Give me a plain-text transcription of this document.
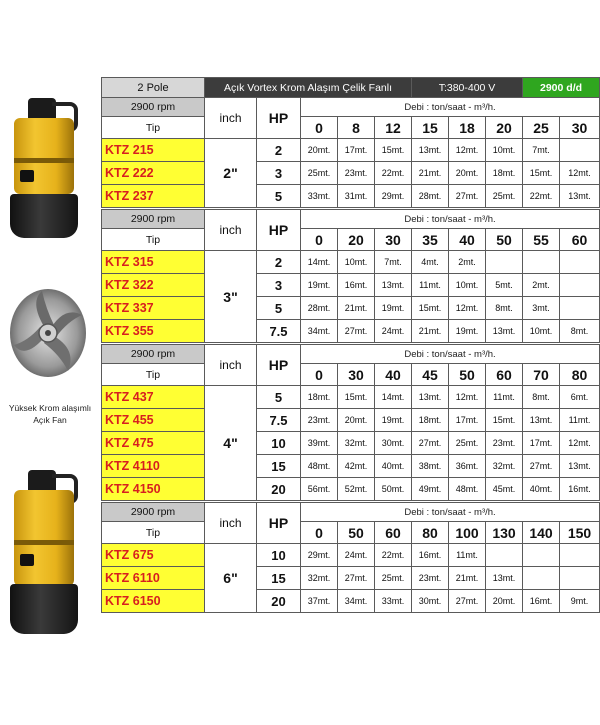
Yüksek Krom alaşımlı Açık Fan
2 Pole	Açık Vortex Krom Alaşım Çelik Fanlı					T:380-400 V			2900 d/d	
2900 rpm	inch	HP	Debi : ton/saat - m³/h.							
Tip			0	8	12	15	18	20	25	30
KTZ 215	2"	2	20mt.	17mt.	15mt.	13mt.	12mt.	10mt.	7mt.	
KTZ 222		3	25mt.	23mt.	22mt.	21mt.	20mt.	18mt.	15mt.	12mt.
KTZ 237		5	33mt.	31mt.	29mt.	28mt.	27mt.	25mt.	22mt.	13mt.

2900 rpm	inch	HP	Debi : ton/saat - m³/h.							
Tip			0	20	30	35	40	50	55	60
KTZ 315	3"	2	14mt.	10mt.	7mt.	4mt.	2mt.			
KTZ 322		3	19mt.	16mt.	13mt.	11mt.	10mt.	5mt.	2mt.	
KTZ 337		5	28mt.	21mt.	19mt.	15mt.	12mt.	8mt.	3mt.	
KTZ 355		7.5	34mt.	27mt.	24mt.	21mt.	19mt.	13mt.	10mt.	8mt.

2900 rpm	inch	HP	Debi : ton/saat - m³/h.							
Tip			0	30	40	45	50	60	70	80
KTZ 437	4"	5	18mt.	15mt.	14mt.	13mt.	12mt.	11mt.	8mt.	6mt.
KTZ 455		7.5	23mt.	20mt.	19mt.	18mt.	17mt.	15mt.	13mt.	11mt.
KTZ 475		10	39mt.	32mt.	30mt.	27mt.	25mt.	23mt.	17mt.	12mt.
KTZ 4110		15	48mt.	42mt.	40mt.	38mt.	36mt.	32mt.	27mt.	13mt.
KTZ 4150		20	56mt.	52mt.	50mt.	49mt.	48mt.	45mt.	40mt.	16mt.

2900 rpm	inch	HP	Debi : ton/saat - m³/h.							
Tip			0	50	60	80	100	130	140	150
KTZ 675	6"	10	29mt.	24mt.	22mt.	16mt.	11mt.			
KTZ 6110		15	32mt.	27mt.	25mt.	23mt.	21mt.	13mt.		
KTZ 6150		20	37mt.	34mt.	33mt.	30mt.	27mt.	20mt.	16mt.	9mt.
